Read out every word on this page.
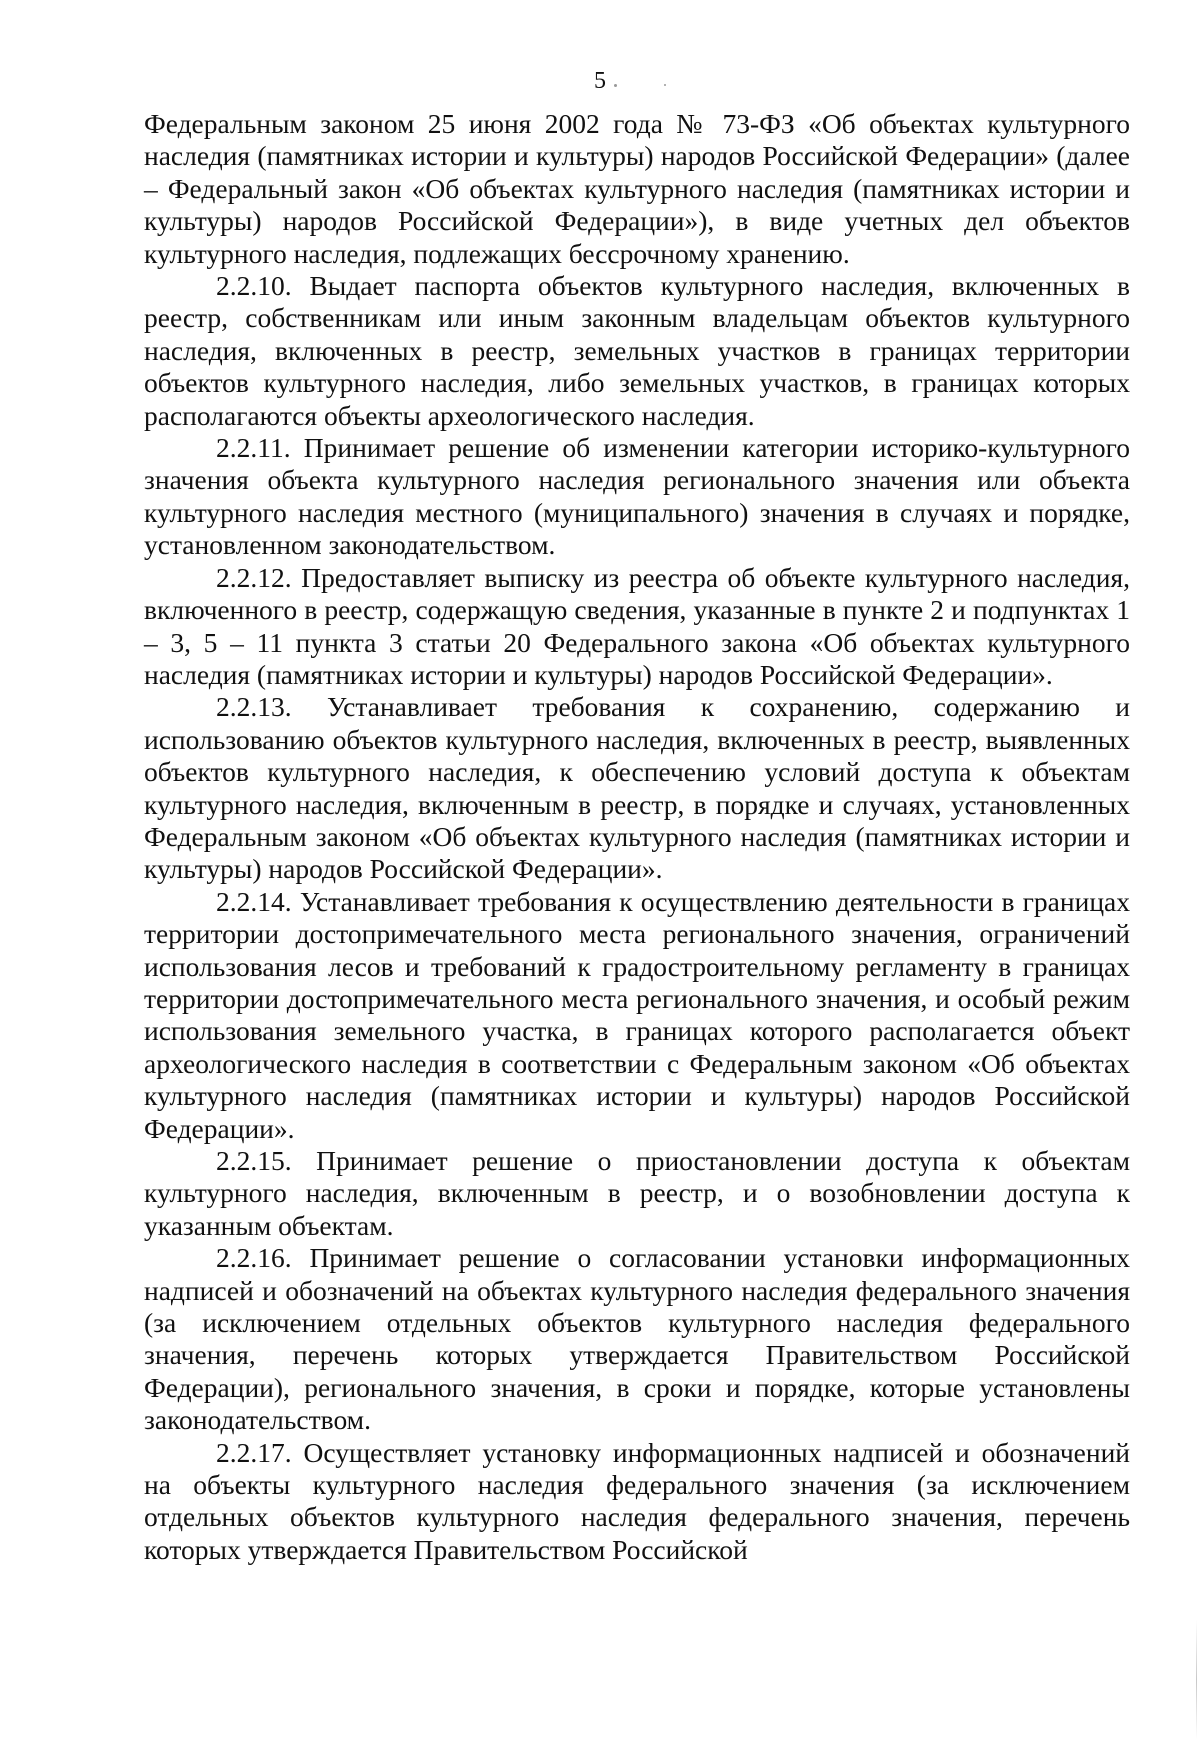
5

Федеральным законом 25 июня 2002 года № 73-ФЗ «Об объектах культурного наследия (памятниках истории и культуры) народов Российской Федерации» (далее – Федеральный закон «Об объектах культурного наследия (памятниках истории и культуры) народов Российской Федерации»), в виде учетных дел объектов культурного наследия, подлежащих бессрочному хранению.

2.2.10. Выдает паспорта объектов культурного наследия, включенных в реестр, собственникам или иным законным владельцам объектов культурного наследия, включенных в реестр, земельных участков в границах территории объектов культурного наследия, либо земельных участков, в границах которых располагаются объекты археологического наследия.

2.2.11. Принимает решение об изменении категории историко-культурного значения объекта культурного наследия регионального значения или объекта культурного наследия местного (муниципального) значения в случаях и порядке, установленном законодательством.

2.2.12. Предоставляет выписку из реестра об объекте культурного наследия, включенного в реестр, содержащую сведения, указанные в пункте 2 и подпунктах 1 – 3, 5 – 11 пункта 3 статьи 20 Федерального закона «Об объектах культурного наследия (памятниках истории и культуры) народов Российской Федерации».

2.2.13. Устанавливает требования к сохранению, содержанию и использованию объектов культурного наследия, включенных в реестр, выявленных объектов культурного наследия, к обеспечению условий доступа к объектам культурного наследия, включенным в реестр, в порядке и случаях, установленных Федеральным законом «Об объектах культурного наследия (памятниках истории и культуры) народов Российской Федерации».

2.2.14. Устанавливает требования к осуществлению деятельности в границах территории достопримечательного места регионального значения, ограничений использования лесов и требований к градостроительному регламенту в границах территории достопримечательного места регионального значения, и особый режим использования земельного участка, в границах которого располагается объект археологического наследия в соответствии с Федеральным законом «Об объектах культурного наследия (памятниках истории и культуры) народов Российской Федерации».

2.2.15. Принимает решение о приостановлении доступа к объектам культурного наследия, включенным в реестр, и о возобновлении доступа к указанным объектам.

2.2.16. Принимает решение о согласовании установки информационных надписей и обозначений на объектах культурного наследия федерального значения (за исключением отдельных объектов культурного наследия федерального значения, перечень которых утверждается Правительством Российской Федерации), регионального значения, в сроки и порядке, которые установлены законодательством.

2.2.17. Осуществляет установку информационных надписей и обозначений на объекты культурного наследия федерального значения (за исключением отдельных объектов культурного наследия федерального значения, перечень которых утверждается Правительством Российской
